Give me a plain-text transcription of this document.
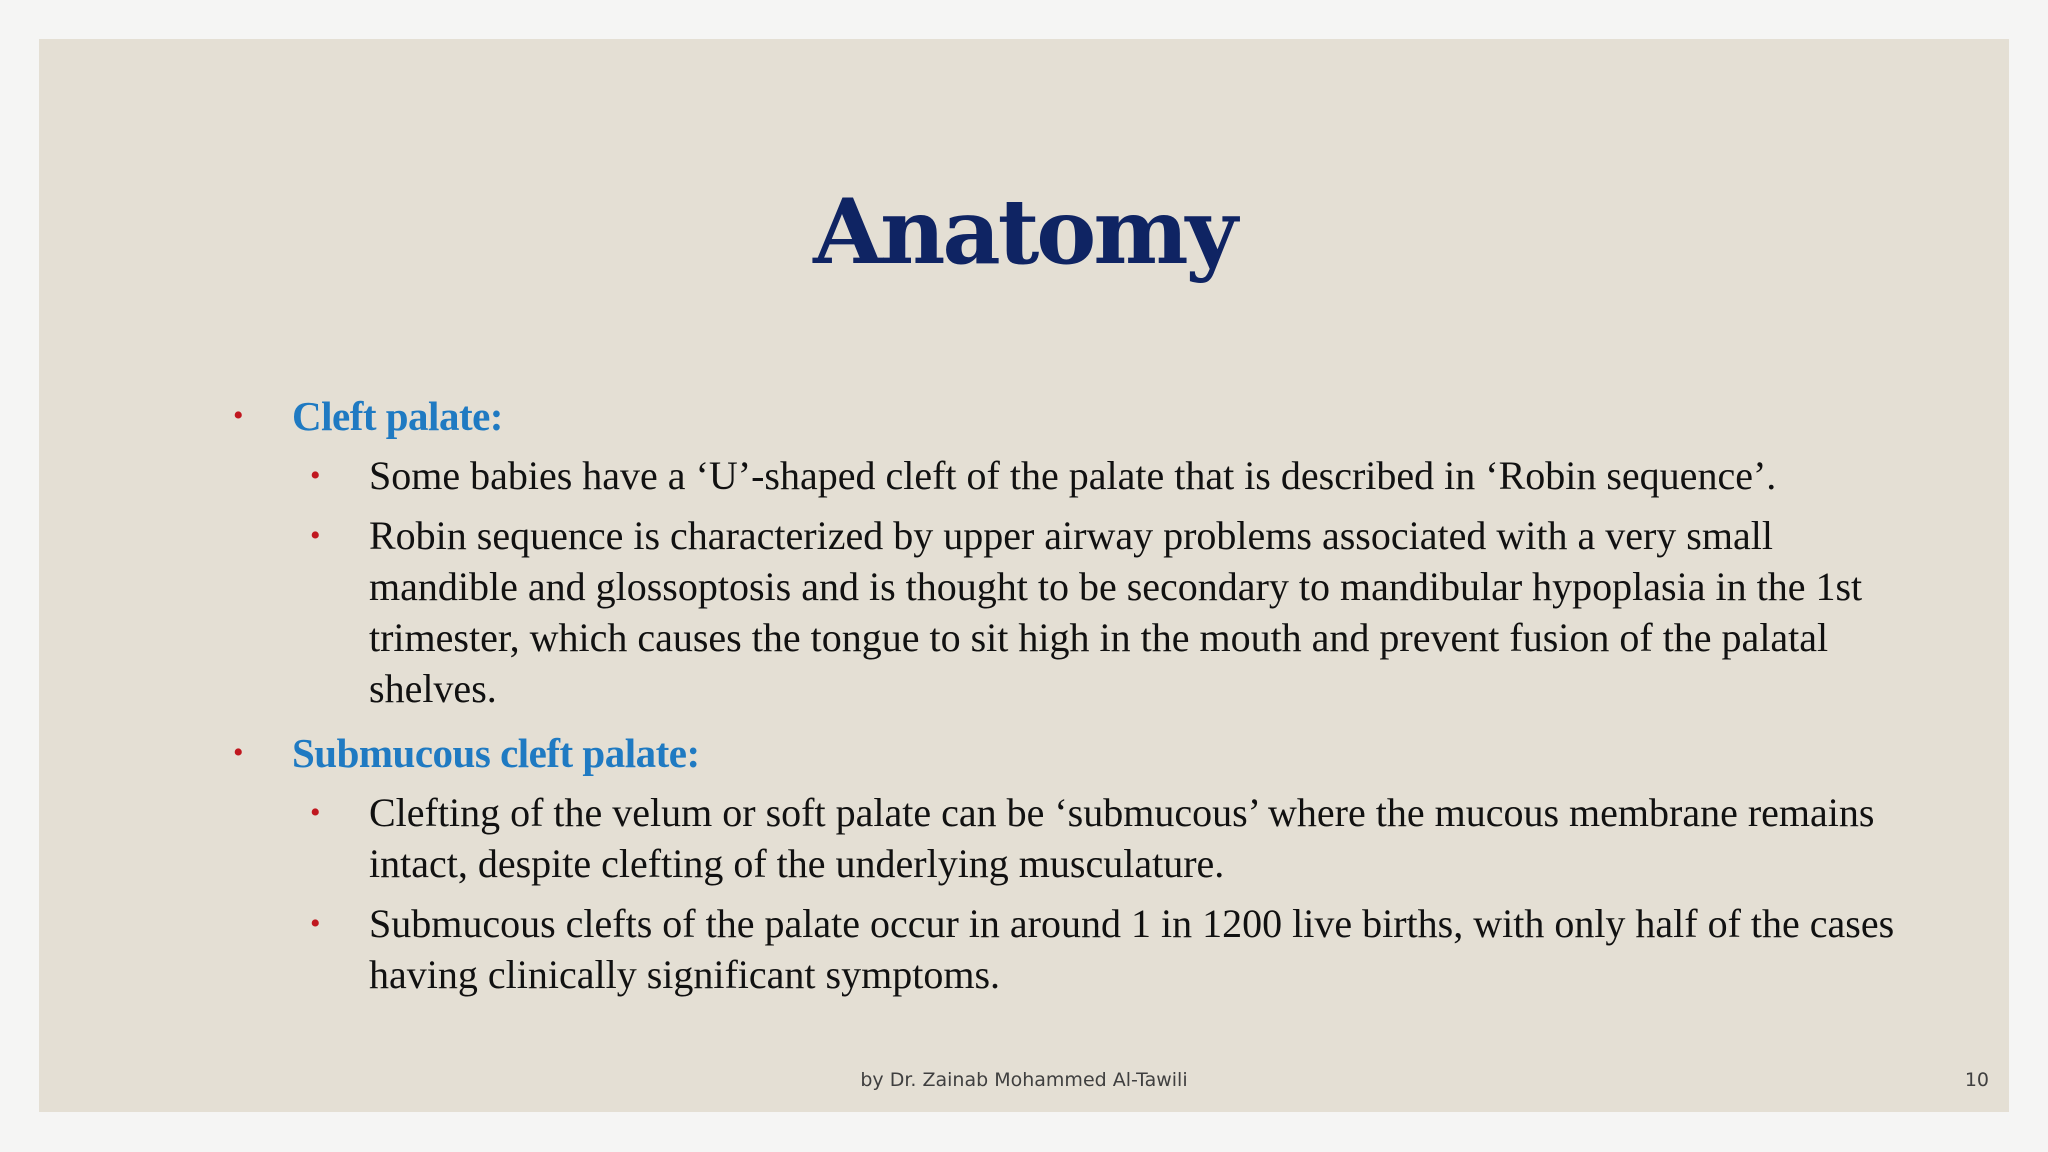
Anatomy
• Cleft palate:
• Some babies have a ‘U’-shaped cleft of the palate that is described in ‘Robin sequence’.
• Robin sequence is characterized by upper airway problems associated with a very small mandible and glossoptosis and is thought to be secondary to mandibular hypoplasia in the 1st trimester, which causes the tongue to sit high in the mouth and prevent fusion of the palatal shelves.
• Submucous cleft palate:
• Clefting of the velum or soft palate can be ‘submucous’ where the mucous membrane remains intact, despite clefting of the underlying musculature.
• Submucous clefts of the palate occur in around 1 in 1200 live births, with only half of the cases having clinically significant symptoms.
by Dr. Zainab Mohammed Al-Tawili	10
